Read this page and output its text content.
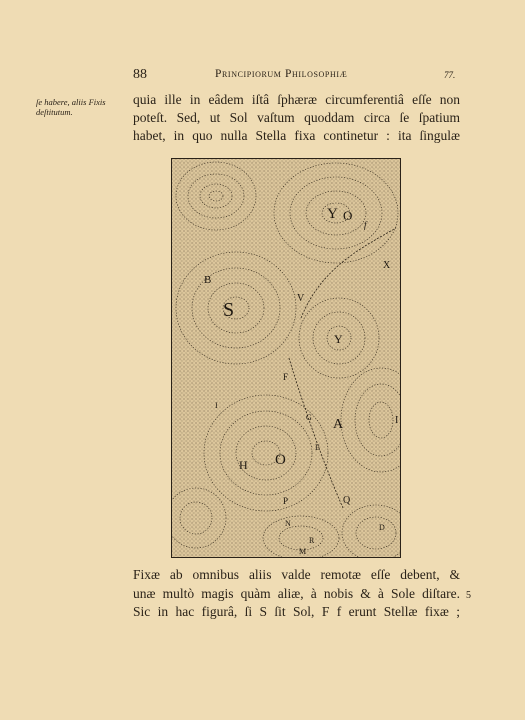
88	Principiorum Philosophiæ	77.
ſe habere, aliis Fixis deſtitutum.
quia ille in eâdem iſtâ ſphæræ circumferentiâ eſſe non
poteſt. Sed, ut Sol vaſtum quoddam circa ſe ſpatium
habet, in quo nulla Stella fixa continetur : ita ſingulæ
Y O
f
X
B
S
V
F
A
H O
P
N
M
R
D
G
Q
I
E
I
Y
Fixæ ab omnibus aliis valde remotæ eſſe debent, &
unæ multò magis quàm aliæ, à nobis & à Sole diſtare.
Sic in hac figurâ, ſi S ſit Sol, F f erunt Stellæ fixæ ;
5
